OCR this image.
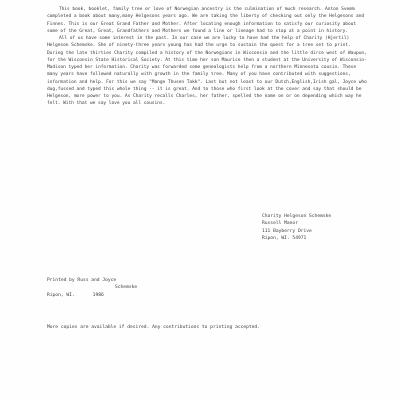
This book, booklet, family tree or love of Norwegian ancestry is the culmination of much research. Anton Svemm completed a book about many,many Helgesons years ago. We are taking the liberty of checking out only the Helgesons and Finnes. This is our Great Grand Father and Mother. After locating enough information to satisfy our curiosity about some of the Great, Great, Grandfathers and Mothers we found a line or lineage had to stop at a point in history.

All of us have some interest in the past. In our case we are lucky to have had the help of Charity (Hjertil) Helgeson Schemske. She of ninety-three years young has had the urge to sustain the quest for a tree set to print. During the late thirties Charity compiled a history of the Norwegians in Wisconsin and the little dirce west of Waupun, for the Wisconsin State Historical Society. At this time her son Maurice then a student at the University of Wisconsin-Madison typed her information. Charity was forwarded some genealogists help from a northern Minnesota cousin. These many years have followed naturally with growth in the family tree. Many of you have contributed with suggestions, information and help. For this we say "Mange Thusen Takk". Last but not least to our Dutch,English,Irish gal, Joyce who dug,fussed and typed this whole thing -- it is great. And to those who first look at the cover and say that should be Helgeson, more power to you. As Charity recalls Charles, her father, spelled the name on or on depending which way he felt. With that we say love you all cousins.

Charity Helgeson Schemske
Russell Manor
111 Bayberry Drive
Ripon, WI. 54971
Printed by Russ and Joyce
Schemske
Ripon, WI.	1986
More copies are available if desired. Any contributions to printing accepted.
